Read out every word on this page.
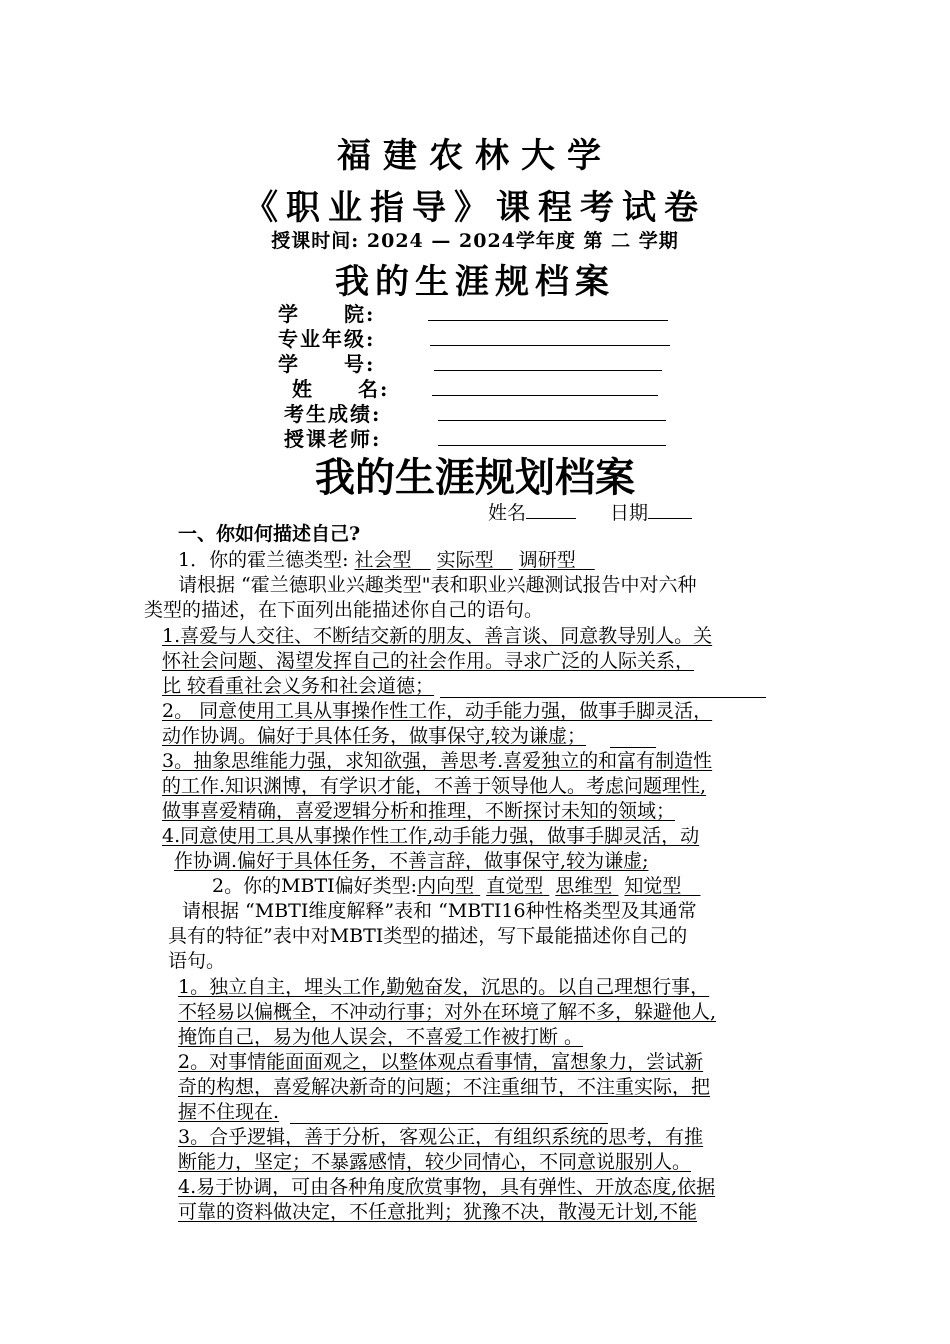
福建农林大学
《职业指导》课程考试卷
授课时间: 2024 — 2024学年度 第 二 学期
我的生涯规档案
学　　院:
专业年级:
学　　号:
姓　　名:
考生成绩:
授课老师:
我的生涯规划档案
姓名	日期
一、你如何描述自己?
1．你的霍兰德类型: 社会型　 实际型　 调研型　
请根据 “霍兰德职业兴趣类型"表和职业兴趣测试报告中对六种
类型的描述，在下面列出能描述你自己的语句。
1.喜爱与人交往、不断结交新的朋友、善言谈、同意教导别人。关
怀社会问题、渴望发挥自己的社会作用。寻求广泛的人际关系，
比 较看重社会义务和社会道德；
2。 同意使用工具从事操作性工作，动手能力强，做事手脚灵活，
动作协调。偏好于具体任务，做事保守,较为谦虚；
3。抽象思维能力强，求知欲强，善思考.喜爱独立的和富有制造性
的工作.知识渊博，有学识才能，不善于领导他人。考虑问题理性,
做事喜爱精确，喜爱逻辑分析和推理，不断探讨未知的领域；
4.同意使用工具从事操作性工作,动手能力强，做事手脚灵活，动
作协调.偏好于具体任务，不善言辞，做事保守,较为谦虚;
2。你的MBTI偏好类型:内向型 直觉型 思维型 知觉型　
请根据 “MBTI维度解释”表和 “MBTI16种性格类型及其通常
具有的特征”表中对MBTI类型的描述，写下最能描述你自己的
语句。
1。独立自主，埋头工作,勤勉奋发，沉思的。以自己理想行事，
不轻易以偏概全，不冲动行事；对外在环境了解不多，躲避他人,
掩饰自己，易为他人误会，不喜爱工作被打断 。
2。对事情能面面观之，以整体观点看事情，富想象力，尝试新
奇的构想，喜爱解决新奇的问题；不注重细节，不注重实际，把
握不住现在.
3。合乎逻辑，善于分析，客观公正，有组织系统的思考，有推
断能力，坚定；不暴露感情，较少同情心，不同意说服别人。
4.易于协调，可由各种角度欣赏事物，具有弹性、开放态度,依据
可靠的资料做决定，不任意批判；犹豫不决，散漫无计划,不能
